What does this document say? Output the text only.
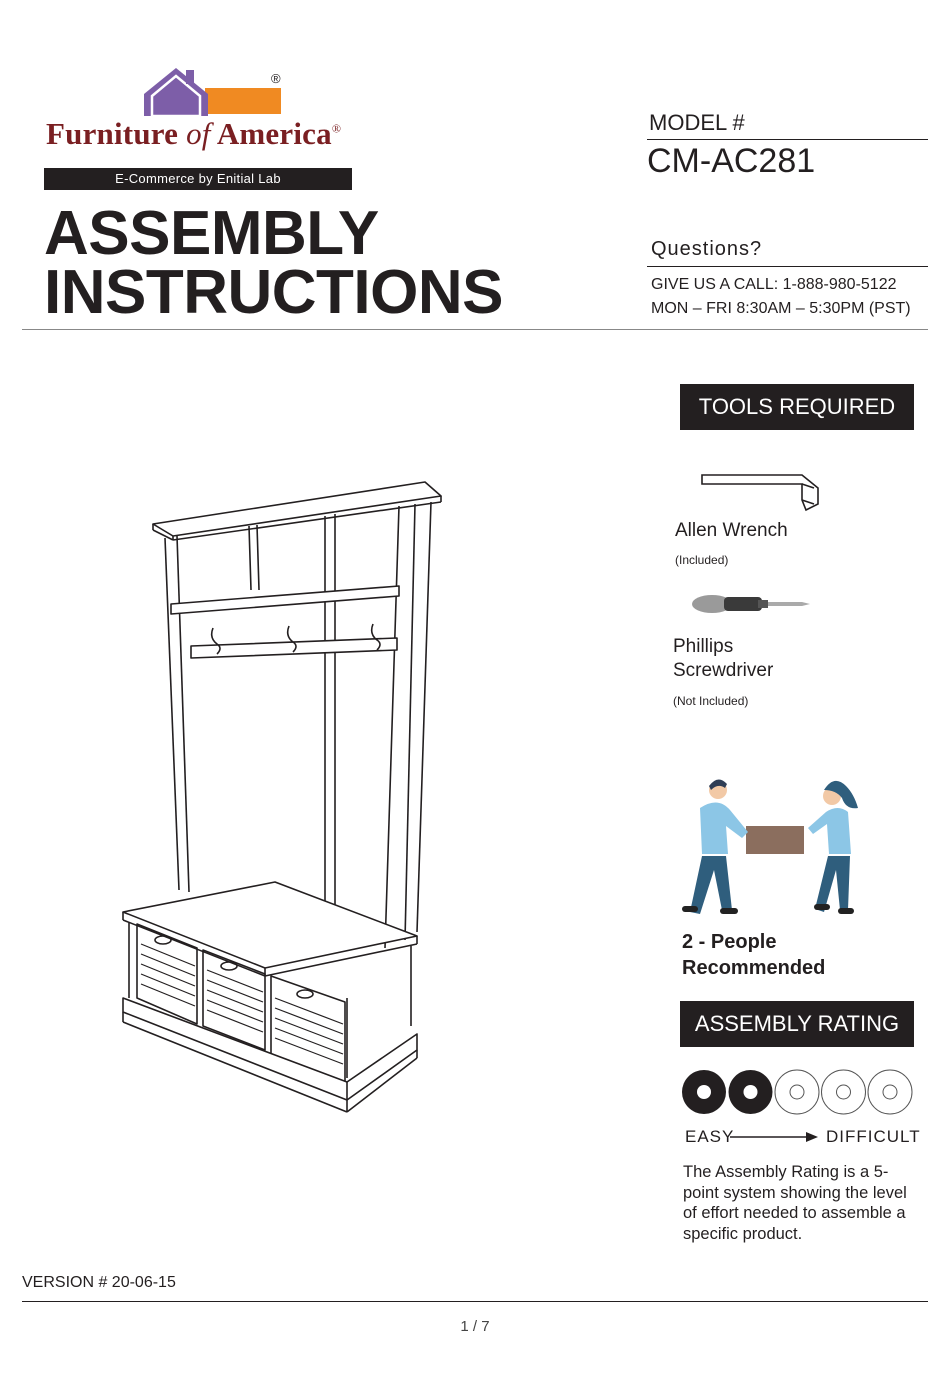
®
Furniture of America®
E-Commerce by Enitial Lab
ASSEMBLY
INSTRUCTIONS
MODEL #
CM-AC281
Questions?
GIVE US A CALL: 1-888-980-5122
MON – FRI 8:30AM – 5:30PM (PST)
TOOLS REQUIRED
Allen Wrench
(Included)
Phillips
Screwdriver
(Not Included)
2 - People
Recommended
ASSEMBLY RATING
EASY	DIFFICULT
The Assembly Rating is a 5-point system showing the level of effort needed to assemble a specific product.
VERSION # 20-06-15
1 / 7
